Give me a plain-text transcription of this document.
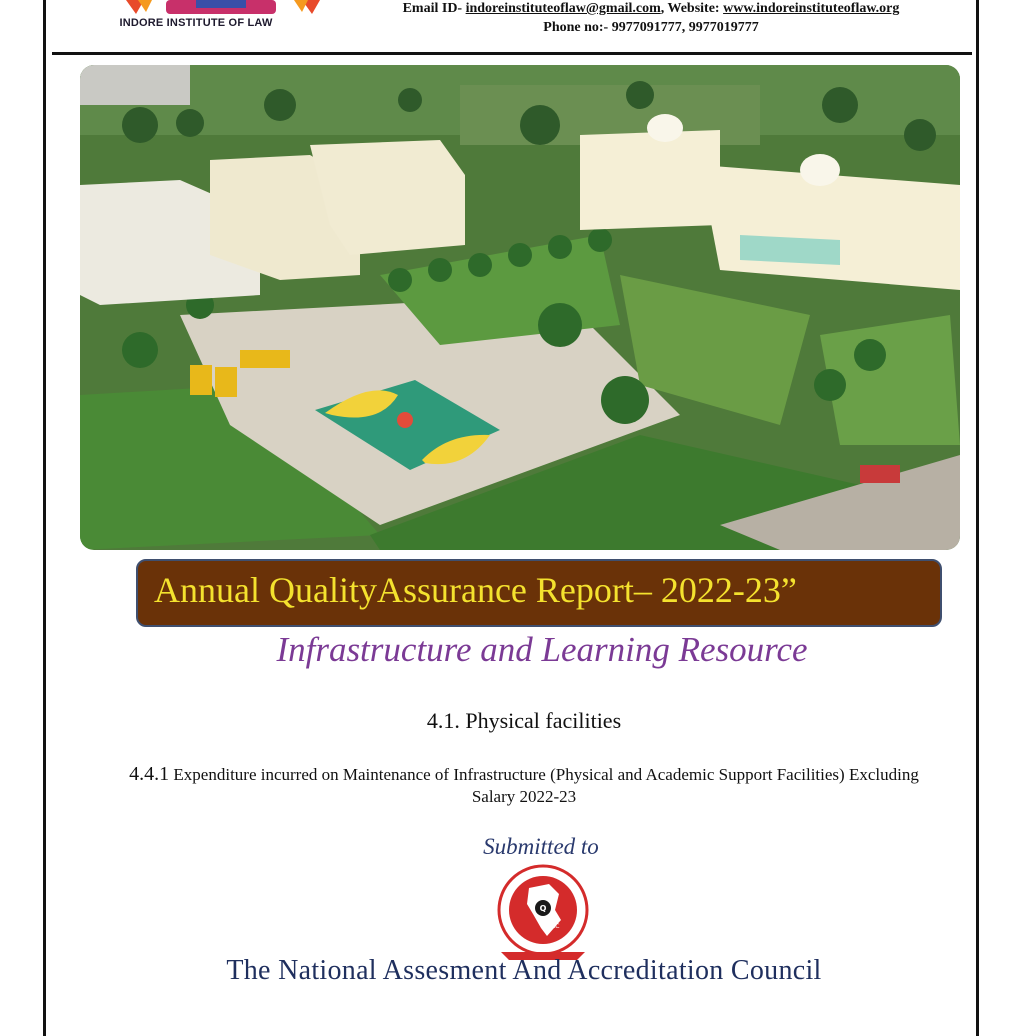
INDORE INSTITUTE OF LAW
Email ID- indoreinstituteoflaw@gmail.com, Website: www.indoreinstituteoflaw.org
Phone no:- 9977091777, 9977019777
Annual QualityAssurance Report– 2022-23”
Infrastructure and Learning Resource
4.1. Physical facilities
4.4.1 Expenditure incurred on Maintenance of Infrastructure (Physical and Academic Support Facilities) Excluding Salary 2022-23
Submitted to
Q
NAAC
The National Assesment And Accreditation Council
